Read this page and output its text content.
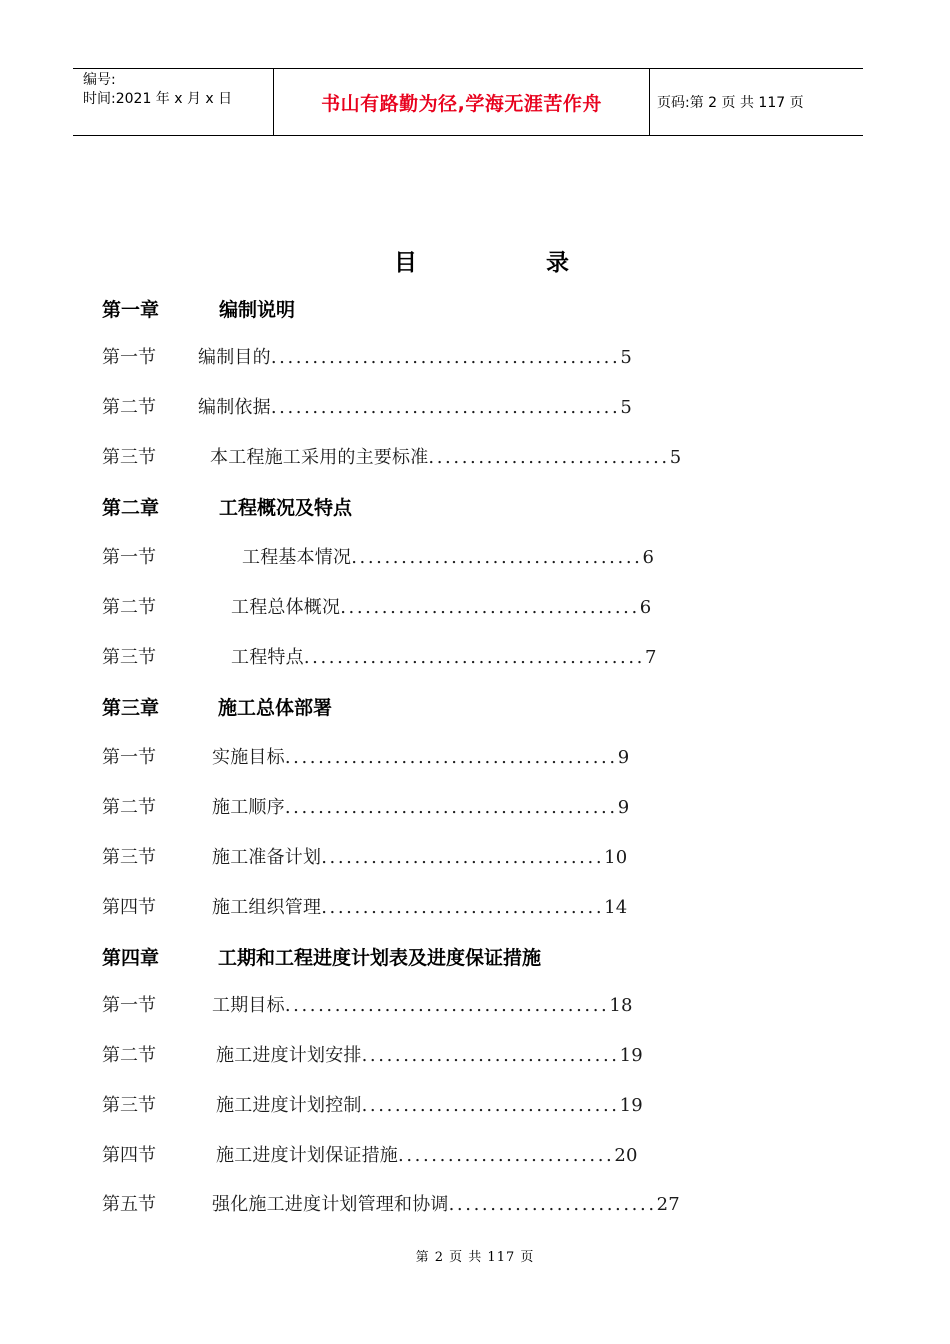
编号:
时间:2021 年 x 月 x 日	书山有路勤为径,学海无涯苦作舟	页码:第 2 页 共 117 页
目	录
第一章	编制说明
第一节 编制目的..........................................5
第二节 编制依据..........................................5
第三节	本工程施工采用的主要标准.............................5
第二章	工程概况及特点
第一节	工程基本情况...................................6
第二节	工程总体概况....................................6
第三节	工程特点.........................................7
第三章	施工总体部署
第一节	实施目标........................................9
第二节	施工顺序........................................9
第三节	施工准备计划..................................10
第四节	施工组织管理..................................14
第四章	工期和工程进度计划表及进度保证措施
第一节	工期目标.......................................18
第二节	施工进度计划安排...............................19
第三节	施工进度计划控制...............................19
第四节	施工进度计划保证措施..........................20
第五节	强化施工进度计划管理和协调.........................27
第 2 页 共 117 页
